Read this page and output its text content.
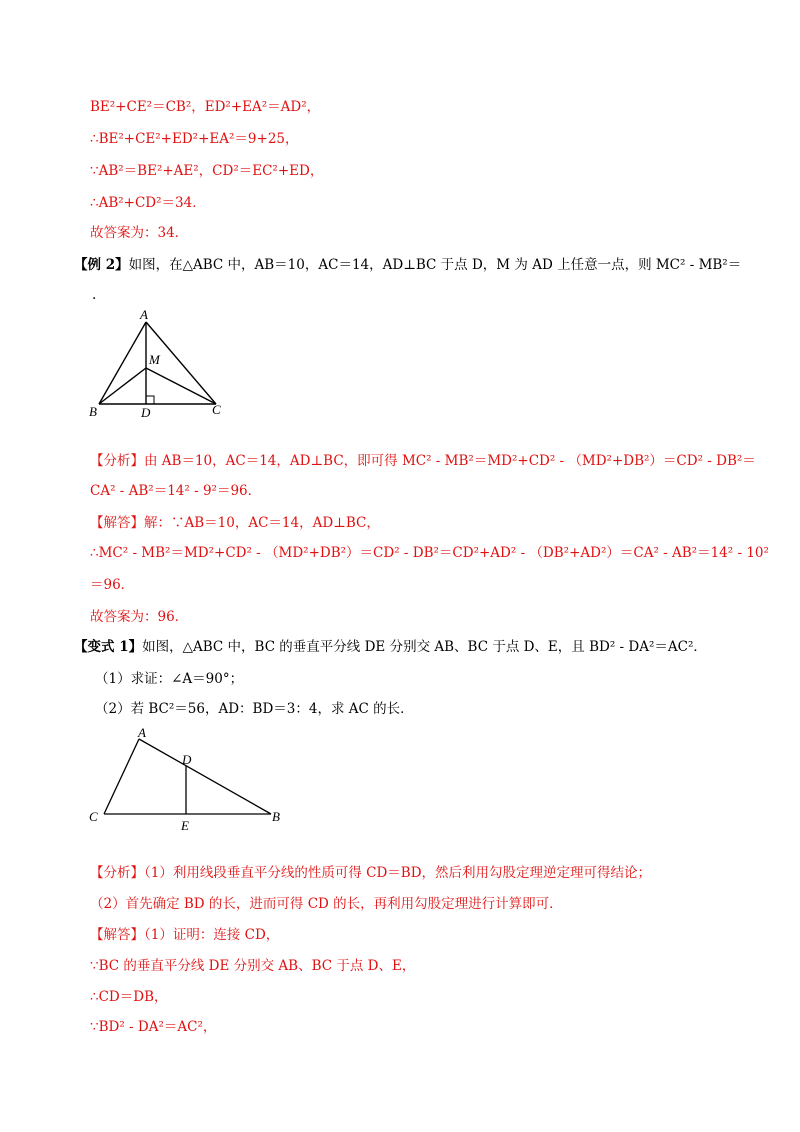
BE²+CE²＝CB²，ED²+EA²＝AD²，
∴BE²+CE²+ED²+EA²＝9+25，
∵AB²＝BE²+AE²，CD²＝EC²+ED，
∴AB²+CD²＝34．
故答案为：34．
【例 2】如图，在△ABC 中，AB＝10，AC＝14，AD⊥BC 于点 D，M 为 AD 上任意一点，则 MC² - MB²＝
.
A
M
B	D	C
【分析】由 AB＝10，AC＝14，AD⊥BC，即可得 MC² - MB²＝MD²+CD² - （MD²+DB²）＝CD² - DB²＝
CA² - AB²＝14² - 9²＝96．
【解答】解：∵AB＝10，AC＝14，AD⊥BC，
∴MC² - MB²＝MD²+CD² - （MD²+DB²）＝CD² - DB²＝CD²+AD² - （DB²+AD²）＝CA² - AB²＝14² - 10²
＝96．
故答案为：96．
【变式 1】如图，△ABC 中，BC 的垂直平分线 DE 分别交 AB、BC 于点 D、E，且 BD² - DA²＝AC²．
（1）求证：∠A＝90°；
（2）若 BC²＝56，AD：BD＝3：4，求 AC 的长．
A
D
C
E
B
【分析】（1）利用线段垂直平分线的性质可得 CD＝BD，然后利用勾股定理逆定理可得结论；
（2）首先确定 BD 的长，进而可得 CD 的长，再利用勾股定理进行计算即可．
【解答】（1）证明：连接 CD，
∵BC 的垂直平分线 DE 分别交 AB、BC 于点 D、E，
∴CD＝DB，
∵BD² - DA²＝AC²，
